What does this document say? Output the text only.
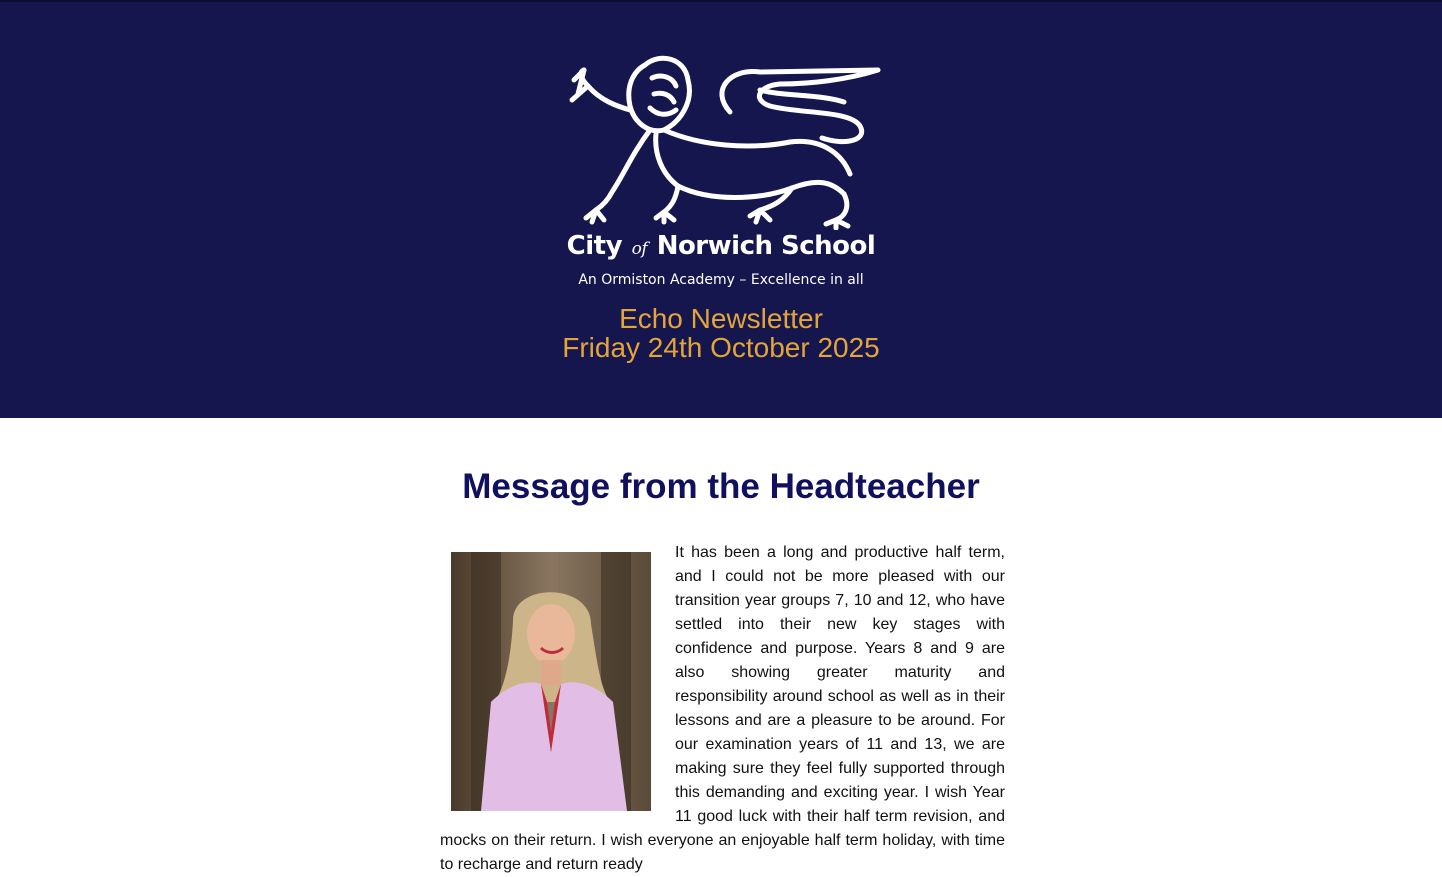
City of Norwich School
An Ormiston Academy – Excellence in all
Echo Newsletter
Friday 24th October 2025
Message from the Headteacher
It has been a long and productive half term, and I could not be more pleased with our transition year groups 7, 10 and 12, who have settled into their new key stages with confidence and purpose. Years 8 and 9 are also showing greater maturity and responsibility around school as well as in their lessons and are a pleasure to be around. For our examination years of 11 and 13, we are making sure they feel fully supported through this demanding and exciting year. I wish Year 11 good luck with their half term revision, and mocks on their return. I wish everyone an enjoyable half term holiday, with time to recharge and return ready
